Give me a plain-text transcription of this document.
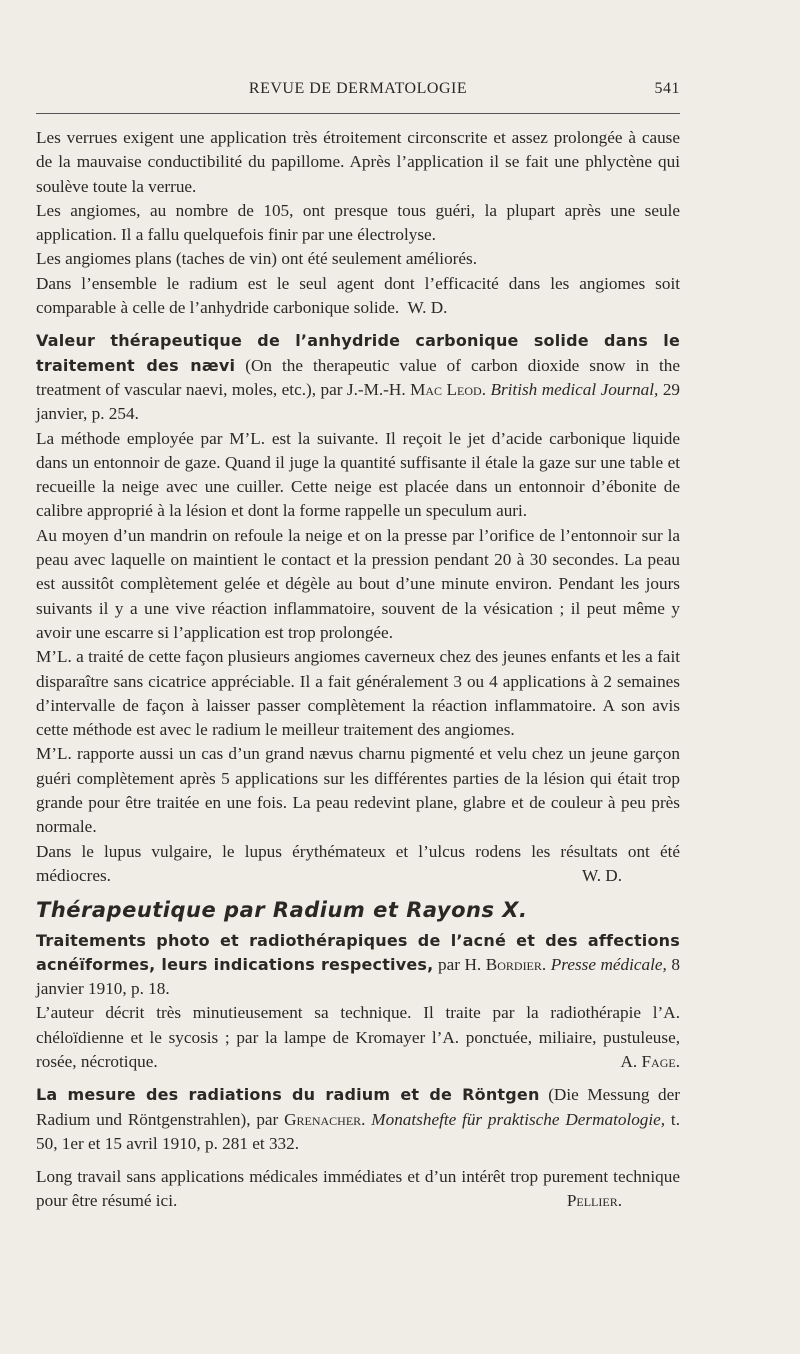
REVUE DE DERMATOLOGIE	541

Les verrues exigent une application très étroitement circonscrite et assez prolongée à cause de la mauvaise conductibilité du papillome. Après l’application il se fait une phlyctène qui soulève toute la verrue.

Les angiomes, au nombre de 105, ont presque tous guéri, la plupart après une seule application. Il a fallu quelquefois finir par une électrolyse.

Les angiomes plans (taches de vin) ont été seulement améliorés.

Dans l’ensemble le radium est le seul agent dont l’efficacité dans les angiomes soit comparable à celle de l’anhydride carbonique solide. W. D.

Valeur thérapeutique de l’anhydride carbonique solide dans le traitement des nævi (On the therapeutic value of carbon dioxide snow in the treatment of vascular naevi, moles, etc.), par J.-M.-H. Mac Leod. British medical Journal, 29 janvier, p. 254.

La méthode employée par M’L. est la suivante. Il reçoit le jet d’acide carbonique liquide dans un entonnoir de gaze. Quand il juge la quantité suffisante il étale la gaze sur une table et recueille la neige avec une cuiller. Cette neige est placée dans un entonnoir d’ébonite de calibre approprié à la lésion et dont la forme rappelle un speculum auri.

Au moyen d’un mandrin on refoule la neige et on la presse par l’orifice de l’entonnoir sur la peau avec laquelle on maintient le contact et la pression pendant 20 à 30 secondes. La peau est aussitôt complètement gelée et dégèle au bout d’une minute environ. Pendant les jours suivants il y a une vive réaction inflammatoire, souvent de la vésication ; il peut même y avoir une escarre si l’application est trop prolongée.

M’L. a traité de cette façon plusieurs angiomes caverneux chez des jeunes enfants et les a fait disparaître sans cicatrice appréciable. Il a fait généralement 3 ou 4 applications à 2 semaines d’intervalle de façon à laisser passer complètement la réaction inflammatoire. A son avis cette méthode est avec le radium le meilleur traitement des angiomes.

M’L. rapporte aussi un cas d’un grand nævus charnu pigmenté et velu chez un jeune garçon guéri complètement après 5 applications sur les différentes parties de la lésion qui était trop grande pour être traitée en une fois. La peau redevint plane, glabre et de couleur à peu près normale.

Dans le lupus vulgaire, le lupus érythémateux et l’ulcus rodens les résultats ont été médiocres.	W. D.

Thérapeutique par Radium et Rayons X.

Traitements photo et radiothérapiques de l’acné et des affections acnéïformes, leurs indications respectives, par H. Bordier. Presse médicale, 8 janvier 1910, p. 18.

L’auteur décrit très minutieusement sa technique. Il traite par la radiothérapie l’A. chéloïdienne et le sycosis ; par la lampe de Kromayer l’A. ponctuée, miliaire, pustuleuse, rosée, nécrotique.	A. Fage.

La mesure des radiations du radium et de Röntgen (Die Messung der Radium und Röntgenstrahlen), par Grenacher. Monatshefte für praktische Dermatologie, t. 50, 1er et 15 avril 1910, p. 281 et 332.

Long travail sans applications médicales immédiates et d’un intérêt trop purement technique pour être résumé ici.	Pellier.
